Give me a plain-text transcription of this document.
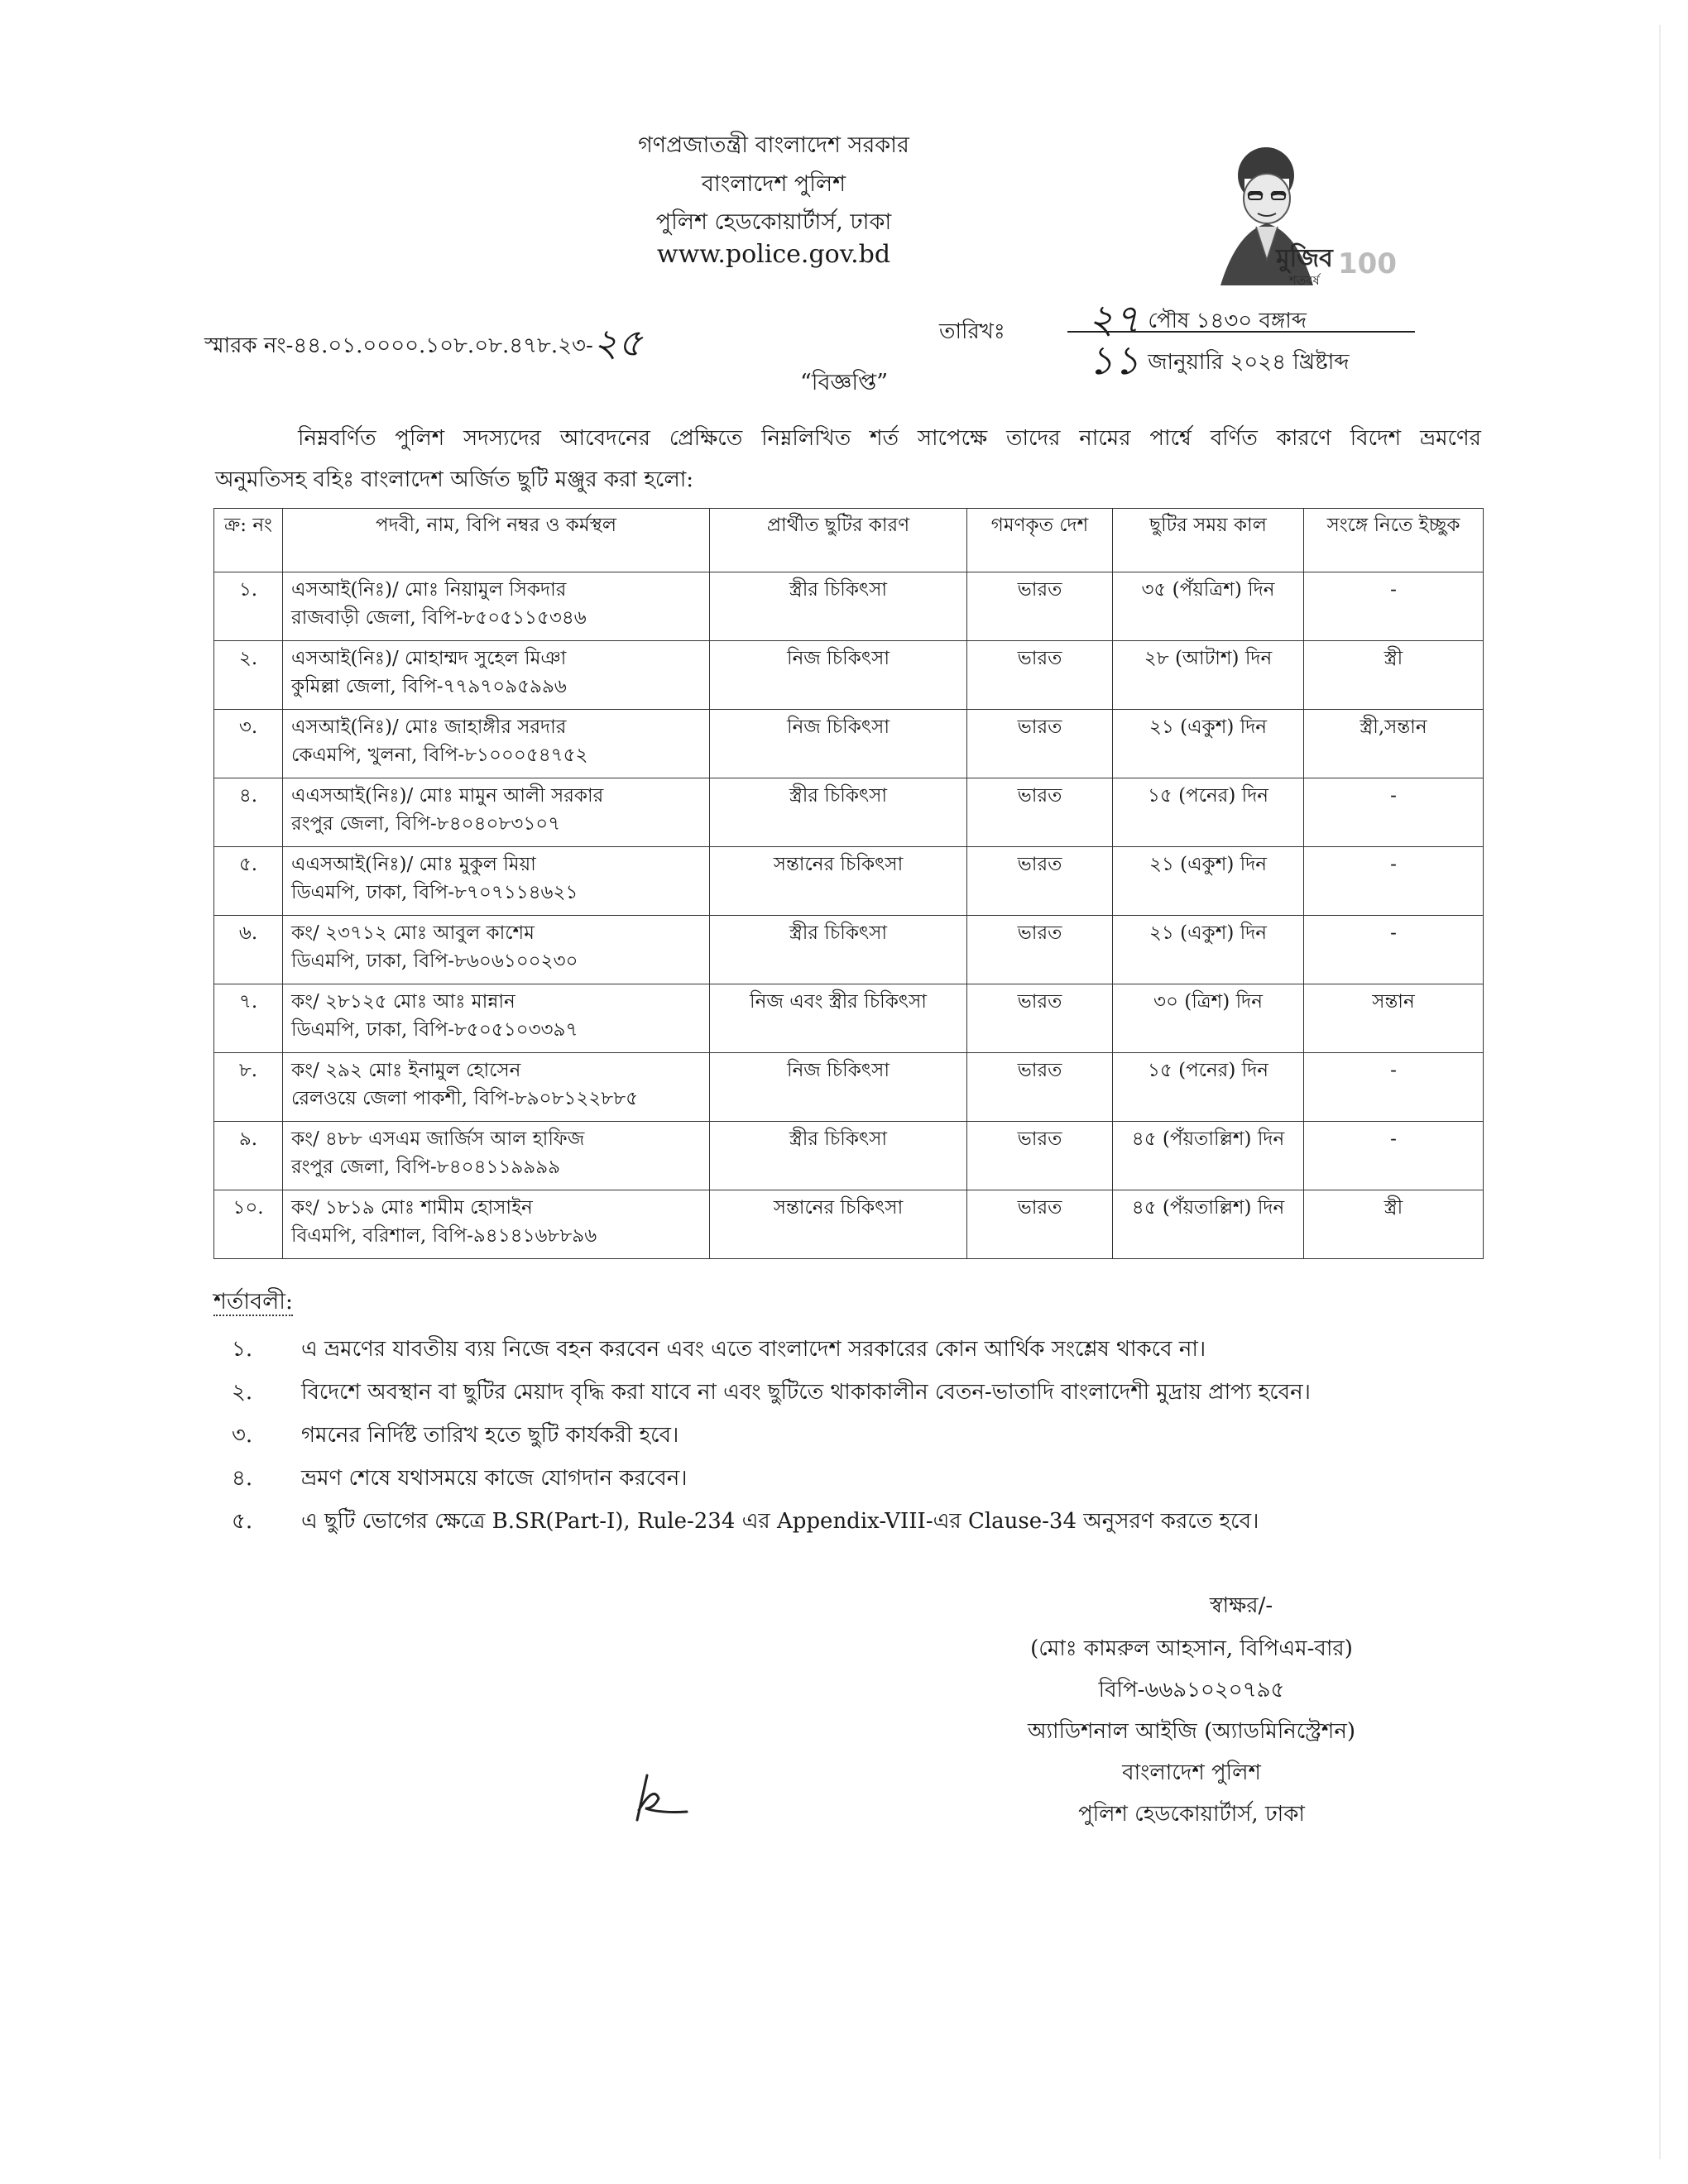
গণপ্রজাতন্ত্রী বাংলাদেশ সরকার
বাংলাদেশ পুলিশ
পুলিশ হেডকোয়ার্টার্স, ঢাকা
www.police.gov.bd	মুজিব
শতবর্ষ 100
স্মারক নং-৪৪.০১.০০০০.১০৮.০৮.৪৭৮.২৩-২৫	তারিখঃ ২৭ পৌষ ১৪৩০ বঙ্গাব্দ
১১ জানুয়ারি ২০২৪ খ্রিষ্টাব্দ
“বিজ্ঞপ্তি”

নিম্নবর্ণিত পুলিশ সদস্যদের আবেদনের প্রেক্ষিতে নিম্নলিখিত শর্ত সাপেক্ষে তাদের নামের পার্শ্বে বর্ণিত কারণে বিদেশ ভ্রমণের

অনুমতিসহ বহিঃ বাংলাদেশ অর্জিত ছুটি মঞ্জুর করা হলো:

ক্র: নং	পদবী, নাম, বিপি নম্বর ও কর্মস্থল	প্রার্থীত ছুটির কারণ	গমণকৃত দেশ	ছুটির সময় কাল	সংঙ্গে নিতে ইচ্ছুক
১.	এসআই(নিঃ)/ মোঃ নিয়ামুল সিকদার
রাজবাড়ী জেলা, বিপি-৮৫০৫১১৫৩৪৬	স্ত্রীর চিকিৎসা	ভারত	৩৫ (পঁয়ত্রিশ) দিন	-
২.	এসআই(নিঃ)/ মোহাম্মদ সুহেল মিঞা
কুমিল্লা জেলা, বিপি-৭৭৯৭০৯৫৯৯৬	নিজ চিকিৎসা	ভারত	২৮ (আটাশ) দিন	স্ত্রী
৩.	এসআই(নিঃ)/ মোঃ জাহাঙ্গীর সরদার
কেএমপি, খুলনা, বিপি-৮১০০০৫৪৭৫২	নিজ চিকিৎসা	ভারত	২১ (একুশ) দিন	স্ত্রী,সন্তান
৪.	এএসআই(নিঃ)/ মোঃ মামুন আলী সরকার
রংপুর জেলা, বিপি-৮৪০৪০৮৩১০৭	স্ত্রীর চিকিৎসা	ভারত	১৫ (পনের) দিন	-
৫.	এএসআই(নিঃ)/ মোঃ মুকুল মিয়া
ডিএমপি, ঢাকা, বিপি-৮৭০৭১১৪৬২১	সন্তানের চিকিৎসা	ভারত	২১ (একুশ) দিন	-
৬.	কং/ ২৩৭১২ মোঃ আবুল কাশেম
ডিএমপি, ঢাকা, বিপি-৮৬০৬১০০২৩০	স্ত্রীর চিকিৎসা	ভারত	২১ (একুশ) দিন	-
৭.	কং/ ২৮১২৫ মোঃ আঃ মান্নান
ডিএমপি, ঢাকা, বিপি-৮৫০৫১০৩৩৯৭	নিজ এবং স্ত্রীর চিকিৎসা	ভারত	৩০ (ত্রিশ) দিন	সন্তান
৮.	কং/ ২৯২ মোঃ ইনামুল হোসেন
রেলওয়ে জেলা পাকশী, বিপি-৮৯০৮১২২৮৮৫	নিজ চিকিৎসা	ভারত	১৫ (পনের) দিন	-
৯.	কং/ ৪৮৮ এসএম জার্জিস আল হাফিজ
রংপুর জেলা, বিপি-৮৪০৪১১৯৯৯৯	স্ত্রীর চিকিৎসা	ভারত	৪৫ (পঁয়তাল্লিশ) দিন	-
১০.	কং/ ১৮১৯ মোঃ শামীম হোসাইন
বিএমপি, বরিশাল, বিপি-৯৪১৪১৬৮৮৯৬	সন্তানের চিকিৎসা	ভারত	৪৫ (পঁয়তাল্লিশ) দিন	স্ত্রী
শর্তাবলী:
১.	এ ভ্রমণের যাবতীয় ব্যয় নিজে বহন করবেন এবং এতে বাংলাদেশ সরকারের কোন আর্থিক সংশ্লেষ থাকবে না।
২.	বিদেশে অবস্থান বা ছুটির মেয়াদ বৃদ্ধি করা যাবে না এবং ছুটিতে থাকাকালীন বেতন-ভাতাদি বাংলাদেশী মুদ্রায় প্রাপ্য হবেন।
৩.	গমনের নির্দিষ্ট তারিখ হতে ছুটি কার্যকরী হবে।
৪.	ভ্রমণ শেষে যথাসময়ে কাজে যোগদান করবেন।
৫.	এ ছুটি ভোগের ক্ষেত্রে B.SR(Part-I), Rule-234 এর Appendix-VIII-এর Clause-34 অনুসরণ করতে হবে।
স্বাক্ষর/-
(মোঃ কামরুল আহসান, বিপিএম-বার)
বিপি-৬৬৯১০২০৭৯৫
অ্যাডিশনাল আইজি (অ্যাডমিনিস্ট্রেশন)
বাংলাদেশ পুলিশ
পুলিশ হেডকোয়ার্টার্স, ঢাকা
